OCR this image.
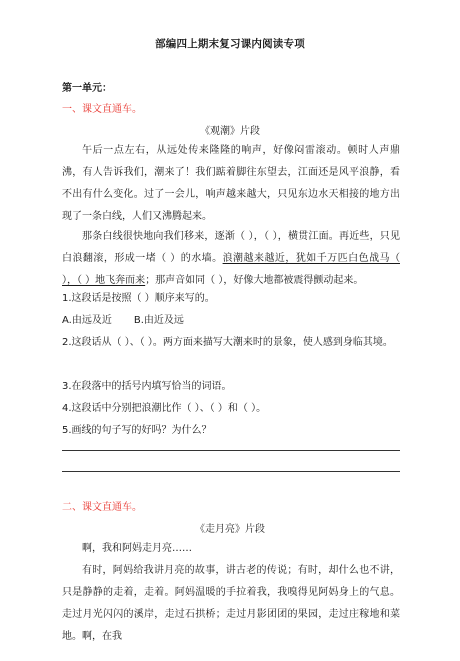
部编四上期末复习课内阅读专项
第一单元：
一、课文直通车。
《观潮》片段

午后一点左右，从远处传来隆隆的响声，好像闷雷滚动。顿时人声鼎沸，有人告诉我们，潮来了！我们踮着脚往东望去，江面还是风平浪静，看不出有什么变化。过了一会儿，响声越来越大，只见东边水天相接的地方出现了一条白线，人们又沸腾起来。

那条白线很快地向我们移来，逐渐（ ），（ ），横贯江面。再近些，只见白浪翻滚，形成一堵（ ）的水墙。浪潮越来越近，犹如千万匹白色战马（ ），（ ）地飞奔而来；那声音如同（ ），好像大地都被震得颤动起来。

1.这段话是按照（ ）顺序来写的。

A.由远及近 B.由近及远

2.这段话从（ ）、（ ）。两方面来描写大潮来时的景象，使人感到身临其境。

3.在段落中的括号内填写恰当的词语。

4.这段话中分别把浪潮比作（ ）、（ ）和（ ）。

5.画线的句子写的好吗？为什么？

二、课文直通车。
《走月亮》片段

啊，我和阿妈走月亮……

有时，阿妈给我讲月亮的故事，讲古老的传说；有时，却什么也不讲，只是静静的走着，走着。阿妈温暖的手拉着我，我嗅得见阿妈身上的气息。走过月光闪闪的溪岸，走过石拱桥；走过月影团团的果园，走过庄稼地和菜地。啊，在我
